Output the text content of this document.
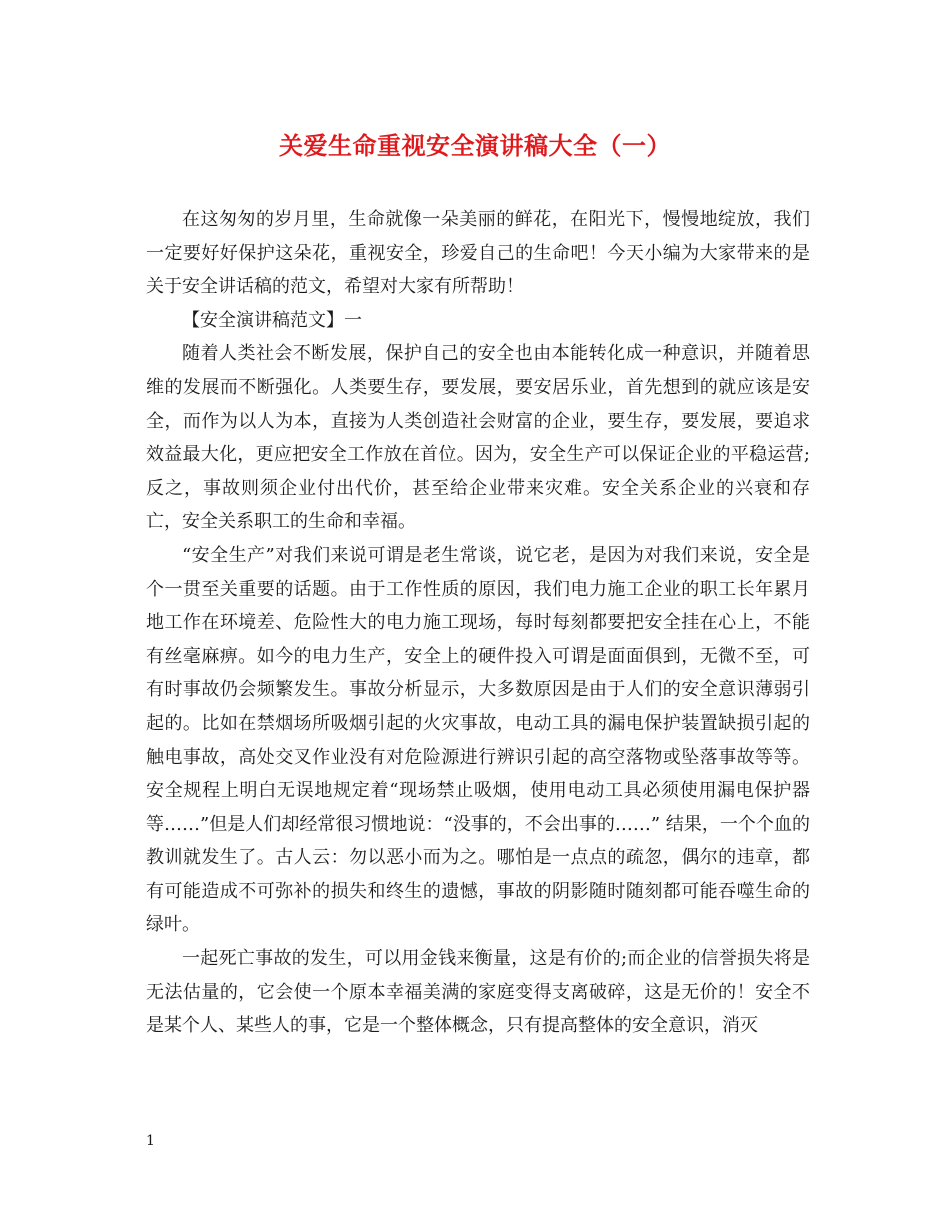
关爱生命重视安全演讲稿大全（一）

在这匆匆的岁月里，生命就像一朵美丽的鲜花，在阳光下，慢慢地绽放，我们一定要好好保护这朵花，重视安全，珍爱自己的生命吧！今天小编为大家带来的是关于安全讲话稿的范文，希望对大家有所帮助！

【安全演讲稿范文】一

随着人类社会不断发展，保护自己的安全也由本能转化成一种意识，并随着思维的发展而不断强化。人类要生存，要发展，要安居乐业，首先想到的就应该是安全，而作为以人为本，直接为人类创造社会财富的企业，要生存，要发展，要追求效益最大化，更应把安全工作放在首位。因为，安全生产可以保证企业的平稳运营;反之，事故则须企业付出代价，甚至给企业带来灾难。安全关系企业的兴衰和存亡，安全关系职工的生命和幸福。

“安全生产”对我们来说可谓是老生常谈，说它老，是因为对我们来说，安全是个一贯至关重要的话题。由于工作性质的原因，我们电力施工企业的职工长年累月地工作在环境差、危险性大的电力施工现场，每时每刻都要把安全挂在心上，不能有丝毫麻痹。如今的电力生产，安全上的硬件投入可谓是面面俱到，无微不至，可有时事故仍会频繁发生。事故分析显示，大多数原因是由于人们的安全意识薄弱引起的。比如在禁烟场所吸烟引起的火灾事故，电动工具的漏电保护装置缺损引起的触电事故，高处交叉作业没有对危险源进行辨识引起的高空落物或坠落事故等等。安全规程上明白无误地规定着“现场禁止吸烟，使用电动工具必须使用漏电保护器等……”但是人们却经常很习惯地说：“没事的，不会出事的……” 结果，一个个血的教训就发生了。古人云：勿以恶小而为之。哪怕是一点点的疏忽，偶尔的违章，都有可能造成不可弥补的损失和终生的遗憾，事故的阴影随时随刻都可能吞噬生命的绿叶。

一起死亡事故的发生，可以用金钱来衡量，这是有价的;而企业的信誉损失将是无法估量的，它会使一个原本幸福美满的家庭变得支离破碎，这是无价的！安全不是某个人、某些人的事，它是一个整体概念，只有提高整体的安全意识，消灭

1
